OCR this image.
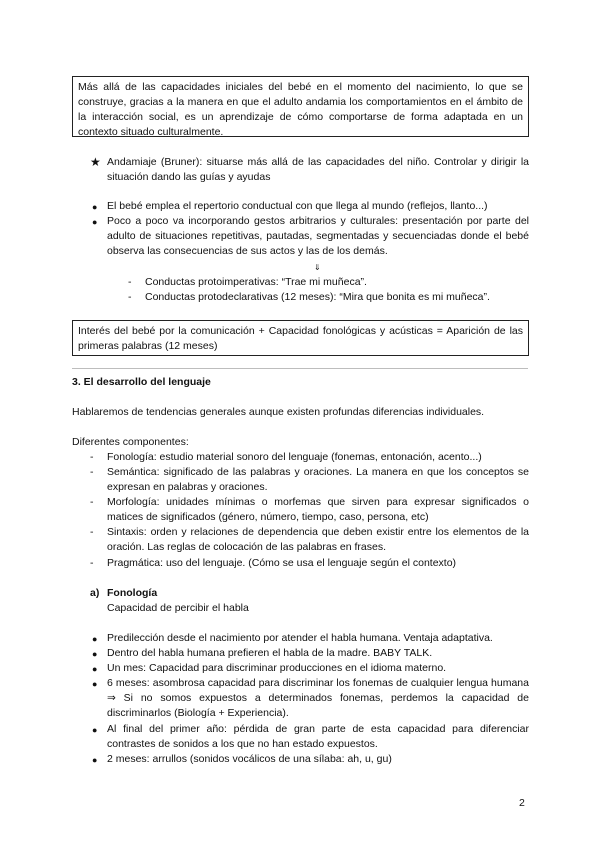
Más allá de las capacidades iniciales del bebé en el momento del nacimiento, lo que se construye, gracias a la manera en que el adulto andamia los comportamientos en el ámbito de la interacción social, es un aprendizaje de cómo comportarse de forma adaptada en un contexto situado culturalmente.
★ Andamiaje (Bruner): situarse más allá de las capacidades del niño. Controlar y dirigir la situación dando las guías y ayudas
● El bebé emplea el repertorio conductual con que llega al mundo (reflejos, llanto...)
● Poco a poco va incorporando gestos arbitrarios y culturales: presentación por parte del adulto de situaciones repetitivas, pautadas, segmentadas y secuenciadas donde el bebé observa las consecuencias de sus actos y las de los demás.
⇓
- Conductas protoimperativas: “Trae mi muñeca”.
- Conductas protodeclarativas (12 meses): “Mira que bonita es mi muñeca”.
Interés del bebé por la comunicación + Capacidad fonológicas y acústicas = Aparición de las primeras palabras (12 meses)
3. El desarrollo del lenguaje
Hablaremos de tendencias generales aunque existen profundas diferencias individuales.
Diferentes componentes:
- Fonología: estudio material sonoro del lenguaje (fonemas, entonación, acento...)
- Semántica: significado de las palabras y oraciones. La manera en que los conceptos se expresan en palabras y oraciones.
- Morfología: unidades mínimas o morfemas que sirven para expresar significados o matices de significados (género, número, tiempo, caso, persona, etc)
- Sintaxis: orden y relaciones de dependencia que deben existir entre los elementos de la oración. Las reglas de colocación de las palabras en frases.
- Pragmática: uso del lenguaje. (Cómo se usa el lenguaje según el contexto)
a) Fonología
Capacidad de percibir el habla
● Predilección desde el nacimiento por atender el habla humana. Ventaja adaptativa.
● Dentro del habla humana prefieren el habla de la madre. BABY TALK.
● Un mes: Capacidad para discriminar producciones en el idioma materno.
● 6 meses: asombrosa capacidad para discriminar los fonemas de cualquier lengua humana ⇒ Si no somos expuestos a determinados fonemas, perdemos la capacidad de discriminarlos (Biología + Experiencia).
● Al final del primer año: pérdida de gran parte de esta capacidad para diferenciar contrastes de sonidos a los que no han estado expuestos.
● 2 meses: arrullos (sonidos vocálicos de una sílaba: ah, u, gu)
2
